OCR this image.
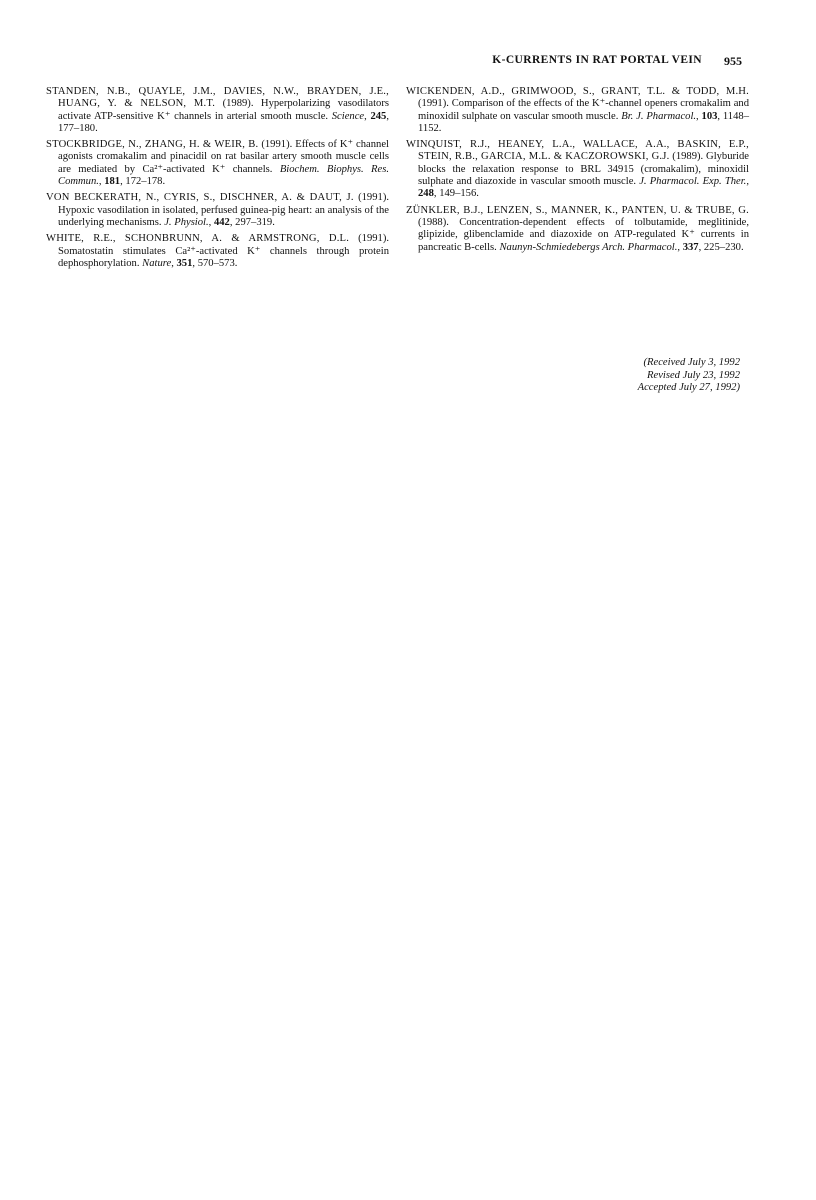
K-CURRENTS IN RAT PORTAL VEIN 955

STANDEN, N.B., QUAYLE, J.M., DAVIES, N.W., BRAYDEN, J.E., HUANG, Y. & NELSON, M.T. (1989). Hyperpolarizing vasodilators activate ATP-sensitive K⁺ channels in arterial smooth muscle. Science, 245, 177–180.

STOCKBRIDGE, N., ZHANG, H. & WEIR, B. (1991). Effects of K⁺ channel agonists cromakalim and pinacidil on rat basilar artery smooth muscle cells are mediated by Ca²⁺-activated K⁺ channels. Biochem. Biophys. Res. Commun., 181, 172–178.

VON BECKERATH, N., CYRIS, S., DISCHNER, A. & DAUT, J. (1991). Hypoxic vasodilation in isolated, perfused guinea-pig heart: an analysis of the underlying mechanisms. J. Physiol., 442, 297–319.

WHITE, R.E., SCHONBRUNN, A. & ARMSTRONG, D.L. (1991). Somatostatin stimulates Ca²⁺-activated K⁺ channels through protein dephosphorylation. Nature, 351, 570–573.

WICKENDEN, A.D., GRIMWOOD, S., GRANT, T.L. & TODD, M.H. (1991). Comparison of the effects of the K⁺-channel openers cromakalim and minoxidil sulphate on vascular smooth muscle. Br. J. Pharmacol., 103, 1148–1152.

WINQUIST, R.J., HEANEY, L.A., WALLACE, A.A., BASKIN, E.P., STEIN, R.B., GARCIA, M.L. & KACZOROWSKI, G.J. (1989). Glyburide blocks the relaxation response to BRL 34915 (cromakalim), minoxidil sulphate and diazoxide in vascular smooth muscle. J. Pharmacol. Exp. Ther., 248, 149–156.

ZÜNKLER, B.J., LENZEN, S., MANNER, K., PANTEN, U. & TRUBE, G. (1988). Concentration-dependent effects of tolbutamide, meglitinide, glipizide, glibenclamide and diazoxide on ATP-regulated K⁺ currents in pancreatic B-cells. Naunyn-Schmiedebergs Arch. Pharmacol., 337, 225–230.

(Received July 3, 1992
Revised July 23, 1992
Accepted July 27, 1992)
